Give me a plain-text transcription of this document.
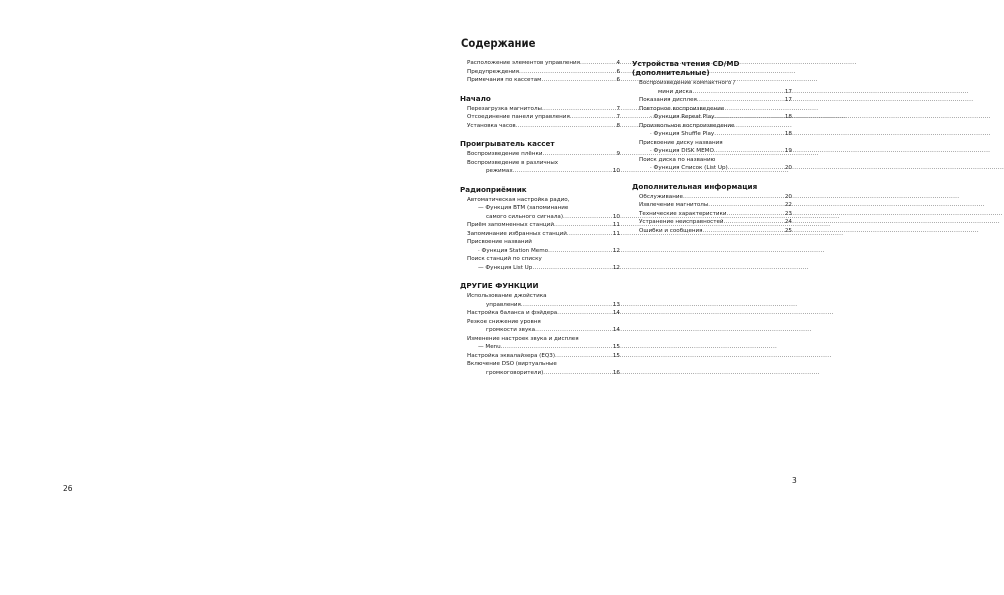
Содержание
Расположение элементов управления .....	4
Предупреждения .....	6
Примечания по кассетам .....	6
Начало
Перезагрузка магнитолы .....	7
Отсоединение панели управления .....	7
Установка часов .....	8
Проигрыватель кассет
Воспроизведение плёнки .....	9
Воспроизведение в различных
режимах .....	10
Радиоприёмник
Автоматическая настройка радио,
— Функция BTM (запоминание
самого сильного сигнала) .....	10
Приём запомненных станций .....	11
Запоминание избранных станций .....	11
Присвоение названий
· Функция Station Memo .....	12
Поиск станций по списку
— Функция List Up .....	12
ДРУГИЕ ФУНКЦИИ
Использование джойстика
управления .....	13
Настройка баланса и фэйдера .....	14
Резкое снижение уровня
громкости звука .....	14
Изменение настроек звука и дисплея
— Menu .....	15
Настройка эквалайзера (EQ3) .....	15
Включение DSO (виртуальные
громкоговорители) .....	16
Устройства чтения CD/MD (дополнительные)
Воспроизведение компактного /
мини диска .....	17
Показания дисплея .....	17
Повторное воспроизведение
· Функция Repeat Play .....	18
Произвольное воспроизведение
· Функция Shuffle Play .....	18
Присвоение диску названия
· Функция DISK MEMO .....	19
Поиск диска по названию
· Функция Список (List Up) .....	20
Дополнительная информация
Обслуживание .....	20
Извлечение магнитолы .....	22
Технические характеристики .....	23
Устранение неисправностей .....	24
Ошибки и сообщения .....	25
26
3
